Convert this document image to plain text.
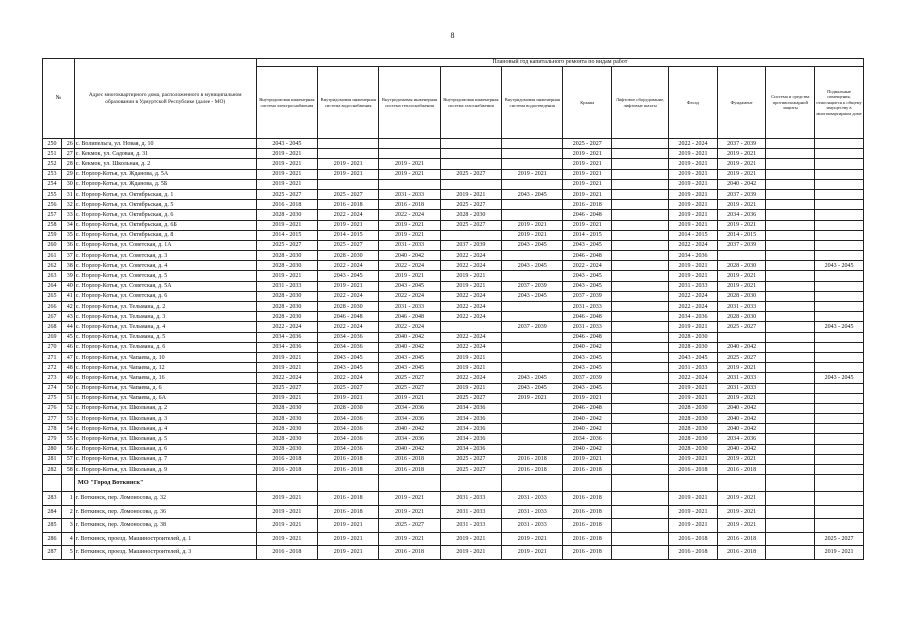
8
№		Адрес многоквартирного дома, расположенного в муниципальном образовании в Удмуртской Республике (далее - МО)	Плановый год капитального ремонта по видам работ										
			Внутридомовая инженерная система электроснабжения	Внутридомовая инженерная система водоснабжения	Внутридомовая инженерная система теплоснабжения	Внутридомовая инженерная система газоснабжения	Внутридомовая инженерная система водоотведения	Крыша	Лифтовое оборудование, лифтовые шахты	Фасад	Фундамент	Система и средства противопожарной защиты	Подвальные помещения, относящиеся к общему имуществу в многоквартирном доме
250	26	с. Волипельга, ул. Новая, д. 10	2043 - 2045					2025 - 2027		2022 - 2024	2037 - 2039		
251	27	с. Кекмок, ул. Садовая, д. 31	2019 - 2021					2019 - 2021		2019 - 2021	2019 - 2021		
252	28	с. Кекмок, ул. Школьная, д. 2	2019 - 2021	2019 - 2021	2019 - 2021			2019 - 2021		2019 - 2021	2019 - 2021		
253	29	с. Норлор-Котья, ул. Жданова, д. 5А	2019 - 2021	2019 - 2021	2019 - 2021	2025 - 2027	2019 - 2021	2019 - 2021		2019 - 2021	2019 - 2021		
254	30	с. Норлор-Котья, ул. Жданова, д. 5Б	2019 - 2021					2019 - 2021		2019 - 2021	2040 - 2042		
255	31	с. Норлор-Котья, ул. Октябрьская, д. 1	2025 - 2027	2025 - 2027	2031 - 2033	2019 - 2021	2043 - 2045	2019 - 2021		2019 - 2021	2037 - 2039		
256	32	с. Норлор-Котья, ул. Октябрьская, д. 5	2016 - 2018	2016 - 2018	2016 - 2018	2025 - 2027		2016 - 2018		2019 - 2021	2019 - 2021		
257	33	с. Норлор-Котья, ул. Октябрьская, д. 6	2028 - 2030	2022 - 2024	2022 - 2024	2028 - 2030		2046 - 2048		2019 - 2021	2034 - 2036		
258	34	с. Норлор-Котья, ул. Октябрьская, д. 6Б	2019 - 2021	2019 - 2021	2019 - 2021	2025 - 2027	2019 - 2021	2019 - 2021		2019 - 2021	2019 - 2021		
259	35	с. Норлор-Котья, ул. Октябрьская, д. 8	2014 - 2015	2014 - 2015	2019 - 2021		2019 - 2021	2014 - 2015		2014 - 2015	2014 - 2015		
260	36	с. Норлор-Котья, ул. Советская, д. 1А	2025 - 2027	2025 - 2027	2031 - 2033	2037 - 2039	2043 - 2045	2043 - 2045		2022 - 2024	2037 - 2039		
261	37	с. Норлор-Котья, ул. Советская, д. 3	2028 - 2030	2028 - 2030	2040 - 2042	2022 - 2024		2046 - 2048		2034 - 2036			
262	38	с. Норлор-Котья, ул. Советская, д. 4	2028 - 2030	2022 - 2024	2022 - 2024	2022 - 2024	2043 - 2045	2022 - 2024		2019 - 2021	2028 - 2030		2043 - 2045
263	39	с. Норлор-Котья, ул. Советская, д. 5	2019 - 2021	2043 - 2045	2019 - 2021	2019 - 2021		2043 - 2045		2019 - 2021	2019 - 2021		
264	40	с. Норлор-Котья, ул. Советская, д. 5А	2031 - 2033	2019 - 2021	2043 - 2045	2019 - 2021	2037 - 2039	2043 - 2045		2031 - 2033	2019 - 2021		
265	41	с. Норлор-Котья, ул. Советская, д. 6	2028 - 2030	2022 - 2024	2022 - 2024	2022 - 2024	2043 - 2045	2037 - 2039		2022 - 2024	2028 - 2030		
266	42	с. Норлор-Котья, ул. Тельмана, д. 2	2028 - 2030	2028 - 2030	2031 - 2033	2022 - 2024		2031 - 2033		2022 - 2024	2031 - 2033		
267	43	с. Норлор-Котья, ул. Тельмана, д. 3	2028 - 2030	2046 - 2048	2046 - 2048	2022 - 2024		2046 - 2048		2034 - 2036	2028 - 2030		
268	44	с. Норлор-Котья, ул. Тельмана, д. 4	2022 - 2024	2022 - 2024	2022 - 2024		2037 - 2039	2031 - 2033		2019 - 2021	2025 - 2027		2043 - 2045
269	45	с. Норлор-Котья, ул. Тельмана, д. 5	2034 - 2036	2034 - 2036	2040 - 2042	2022 - 2024		2046 - 2048		2028 - 2030			
270	46	с. Норлор-Котья, ул. Тельмана, д. 6	2034 - 2036	2034 - 2036	2040 - 2042	2022 - 2024		2040 - 2042		2028 - 2030	2040 - 2042		
271	47	с. Норлор-Котья, ул. Чапаева, д. 10	2019 - 2021	2043 - 2045	2043 - 2045	2019 - 2021		2043 - 2045		2043 - 2045	2025 - 2027		
272	48	с. Норлор-Котья, ул. Чапаева, д. 12	2019 - 2021	2043 - 2045	2043 - 2045	2019 - 2021		2043 - 2045		2031 - 2033	2019 - 2021		
273	49	с. Норлор-Котья, ул. Чапаева, д. 16	2022 - 2024	2022 - 2024	2025 - 2027	2022 - 2024	2043 - 2045	2037 - 2039		2022 - 2024	2031 - 2033		2043 - 2045
274	50	с. Норлор-Котья, ул. Чапаева, д. 6	2025 - 2027	2025 - 2027	2025 - 2027	2019 - 2021	2043 - 2045	2043 - 2045		2019 - 2021	2031 - 2033		
275	51	с. Норлор-Котья, ул. Чапаева, д. 6А	2019 - 2021	2019 - 2021	2019 - 2021	2025 - 2027	2019 - 2021	2019 - 2021		2019 - 2021	2019 - 2021		
276	52	с. Норлор-Котья, ул. Школьная, д. 2	2028 - 2030	2028 - 2030	2034 - 2036	2034 - 2036		2046 - 2048		2028 - 2030	2040 - 2042		
277	53	с. Норлор-Котья, ул. Школьная, д. 3	2028 - 2030	2034 - 2036	2034 - 2036	2034 - 2036		2040 - 2042		2028 - 2030	2040 - 2042		
278	54	с. Норлор-Котья, ул. Школьная, д. 4	2028 - 2030	2034 - 2036	2040 - 2042	2034 - 2036		2040 - 2042		2028 - 2030	2040 - 2042		
279	55	с. Норлор-Котья, ул. Школьная, д. 5	2028 - 2030	2034 - 2036	2034 - 2036	2034 - 2036		2034 - 2036		2028 - 2030	2034 - 2036		
280	56	с. Норлор-Котья, ул. Школьная, д. 6	2028 - 2030	2034 - 2036	2040 - 2042	2034 - 2036		2040 - 2042		2028 - 2030	2040 - 2042		
281	57	с. Норлор-Котья, ул. Школьная, д. 7	2016 - 2018	2016 - 2018	2016 - 2018	2025 - 2027	2016 - 2018	2019 - 2021		2019 - 2021	2019 - 2021		
282	58	с. Норлор-Котья, ул. Школьная, д. 9	2016 - 2018	2016 - 2018	2016 - 2018	2025 - 2027	2016 - 2018	2016 - 2018		2016 - 2018	2016 - 2018		
		МО "Город Воткинск"											
283	1	г. Воткинск, пер. Ломоносова, д. 32	2019 - 2021	2016 - 2018	2019 - 2021	2031 - 2033	2031 - 2033	2016 - 2018		2019 - 2021	2019 - 2021		
284	2	г. Воткинск, пер. Ломоносова, д. 36	2019 - 2021	2016 - 2018	2019 - 2021	2031 - 2033	2031 - 2033	2016 - 2018		2019 - 2021	2019 - 2021		
285	3	г. Воткинск, пер. Ломоносова, д. 38	2019 - 2021	2019 - 2021	2025 - 2027	2031 - 2033	2031 - 2033	2016 - 2018		2019 - 2021	2019 - 2021		
286	4	г. Воткинск, проезд. Машиностроителей, д. 1	2019 - 2021	2019 - 2021	2019 - 2021	2019 - 2021	2019 - 2021	2016 - 2018		2016 - 2018	2016 - 2018		2025 - 2027
287	5	г. Воткинск, проезд. Машиностроителей, д. 3	2016 - 2018	2019 - 2021	2016 - 2018	2019 - 2021	2019 - 2021	2016 - 2018		2016 - 2018	2016 - 2018		2019 - 2021
